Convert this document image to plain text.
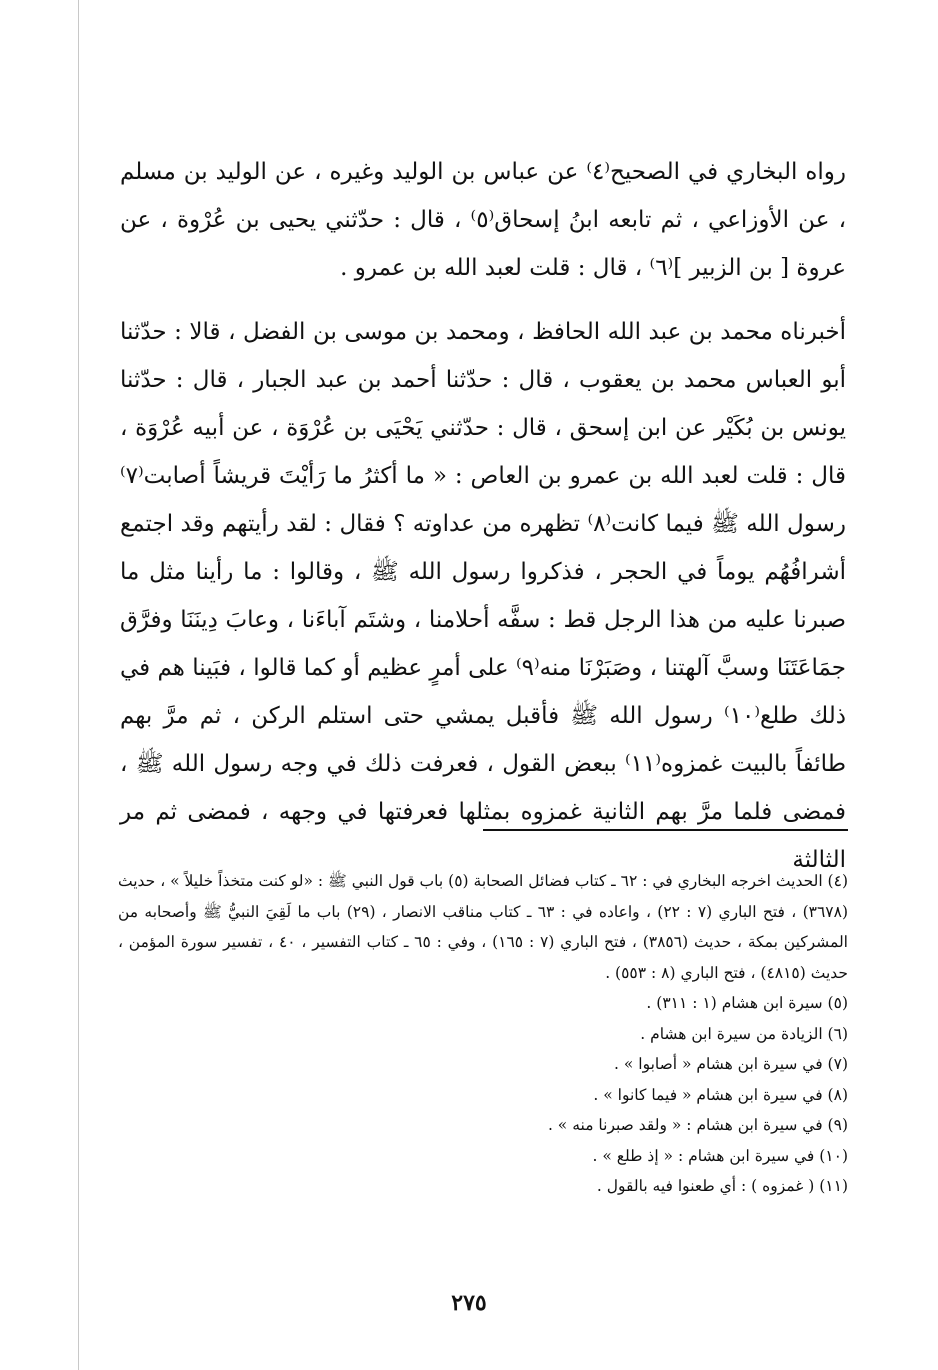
رواه البخاري في الصحيح⁽٤⁾ عن عباس بن الوليد وغيره ، عن الوليد بن مسلم ، عن الأوزاعي ، ثم تابعه ابنُ إسحاق⁽٥⁾ ، قال : حدّثني يحيى بن عُرْوة ، عن عروة [ بن الزبير ]⁽٦⁾ ، قال : قلت لعبد الله بن عمرو .

أخبرناه محمد بن عبد الله الحافظ ، ومحمد بن موسى بن الفضل ، قالا : حدّثنا أبو العباس محمد بن يعقوب ، قال : حدّثنا أحمد بن عبد الجبار ، قال : حدّثنا يونس بن بُكَيْر عن ابن إسحق ، قال : حدّثني يَحْيَى بن عُرْوَة ، عن أبيه عُرْوَة ، قال : قلت لعبد الله بن عمرو بن العاص : « ما أكثرُ ما رَأيْتَ قريشاً أصابت⁽٧⁾ رسول الله ﷺ فيما كانت⁽٨⁾ تظهره من عداوته ؟ فقال : لقد رأيتهم وقد اجتمع أشرافُهُم يوماً في الحجر ، فذكروا رسول الله ﷺ ، وقالوا : ما رأينا مثل ما صبرنا عليه من هذا الرجل قط : سفَّه أحلامنا ، وشتَم آباءَنا ، وعابَ دِينَنَا وفرَّق جمَاعَتَنَا وسبَّ آلهتنا ، وصَبَرْنَا منه⁽٩⁾ على أمرٍ عظيم أو كما قالوا ، فبَينا هم في ذلك طلع⁽١٠⁾ رسول الله ﷺ فأقبل يمشي حتى استلم الركن ، ثم مرَّ بهم طائفاً بالبيت غمزوه⁽١١⁾ ببعض القول ، فعرفت ذلك في وجه رسول الله ﷺ ، فمضى فلما مرَّ بهم الثانية غمزوه بمثلها فعرفتها في وجهه ، فمضى ثم مر الثالثة

(٤) الحديث اخرجه البخاري في : ٦٢ ـ كتاب فضائل الصحابة (٥) باب قول النبي ﷺ : «لو كنت متخذاً خليلاً » ، حديث (٣٦٧٨) ، فتح الباري (٧ : ٢٢) ، واعاده في : ٦٣ ـ كتاب مناقب الانصار ، (٢٩) باب ما لَقِيَ النبيُّ ﷺ وأصحابه من المشركين بمكة ، حديث (٣٨٥٦) ، فتح الباري (٧ : ١٦٥) ، وفي : ٦٥ ـ كتاب التفسير ، ٤٠ ، تفسير سورة المؤمن ، حديث (٤٨١٥) ، فتح الباري (٨ : ٥٥٣) .

(٥) سيرة ابن هشام (١ : ٣١١) .

(٦) الزيادة من سيرة ابن هشام .

(٧) في سيرة ابن هشام « أصابوا » .

(٨) في سيرة ابن هشام « فيما كانوا » .

(٩) في سيرة ابن هشام : « ولقد صبرنا منه » .

(١٠) في سيرة ابن هشام : « إذ طلع » .

(١١) ( غمزوه ) : أي طعنوا فيه بالقول .

٢٧٥
